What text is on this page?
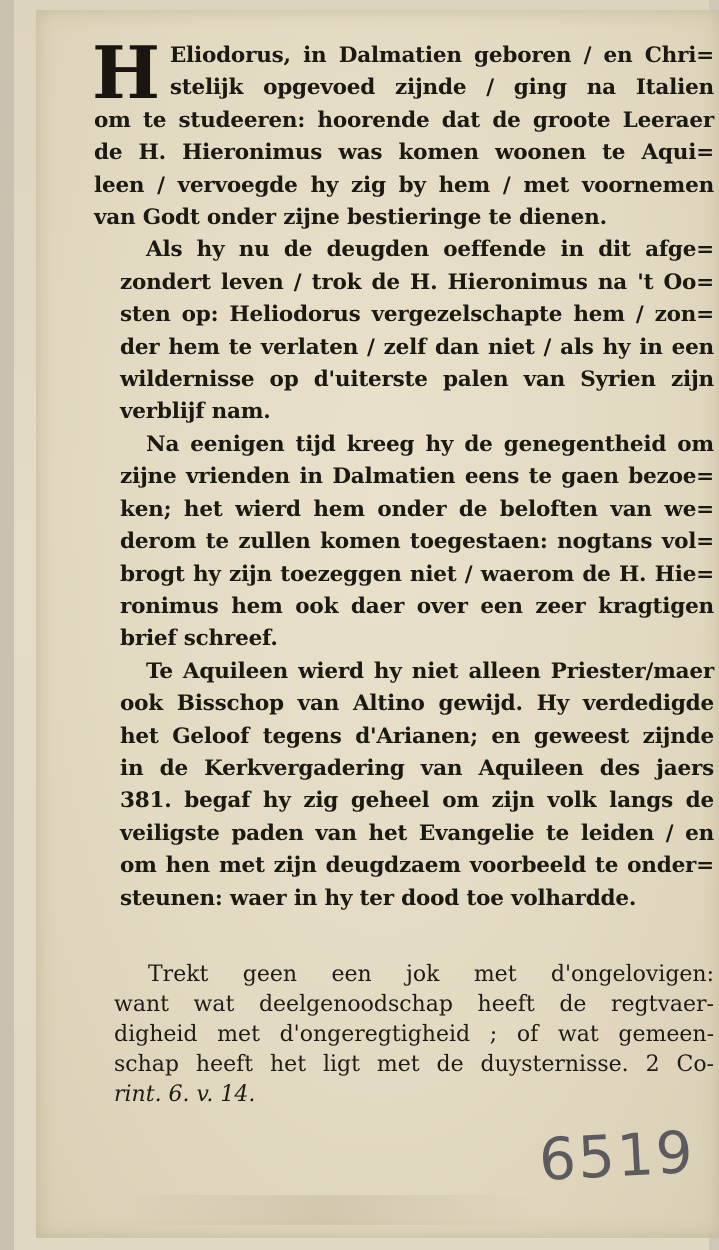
H Eliodorus, in Dalmatien geboren / en Chri=
stelijk opgevoed zijnde / ging na Italien
om te studeeren: hoorende dat de groote Leeraer
de H. Hieronimus was komen woonen te Aqui=
leen / vervoegde hy zig by hem / met voornemen
van Godt onder zijne bestieringe te dienen.
Als hy nu de deugden oeffende in dit afge=
zondert leven / trok de H. Hieronimus na 't Oo=
sten op: Heliodorus vergezelschapte hem / zon=
der hem te verlaten / zelf dan niet / als hy in een
wildernisse op d'uiterste palen van Syrien zijn
verblijf nam.
Na eenigen tijd kreeg hy de genegentheid om
zijne vrienden in Dalmatien eens te gaen bezoe=
ken; het wierd hem onder de beloften van we=
derom te zullen komen toegestaen: nogtans vol=
brogt hy zijn toezeggen niet / waerom de H. Hie=
ronimus hem ook daer over een zeer kragtigen
brief schreef.
Te Aquileen wierd hy niet alleen Priester/maer
ook Bisschop van Altino gewijd. Hy verdedigde
het Geloof tegens d'Arianen; en geweest zijnde
in de Kerkvergadering van Aquileen des jaers
381. begaf hy zig geheel om zijn volk langs de
veiligste paden van het Evangelie te leiden / en
om hen met zijn deugdzaem voorbeeld te onder=
steunen: waer in hy ter dood toe volhardde.
Trekt geen een jok met d'ongelovigen:
want wat deelgenoodschap heeft de regtvaer-
digheid met d'ongeregtigheid ; of wat gemeen-
schap heeft het ligt met de duysternisse. 2 Co-
rint. 6. v. 14.
6519
